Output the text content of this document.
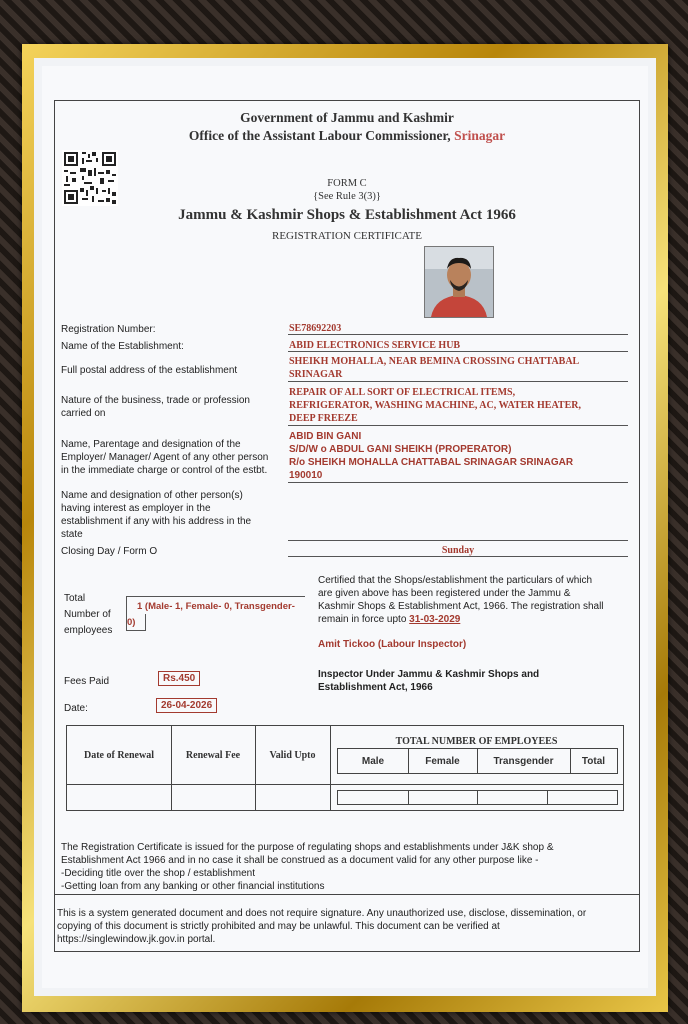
Government of Jammu and Kashmir
Office of the Assistant Labour Commissioner, Srinagar
FORM C
{See Rule 3(3)}
Jammu & Kashmir Shops & Establishment Act 1966
REGISTRATION CERTIFICATE
Registration Number:	SE78692203
Name of the Establishment:	ABID ELECTRONICS SERVICE HUB
Full postal address of the establishment
SHEIKH MOHALLA, NEAR BEMINA CROSSING CHATTABAL
SRINAGAR
Nature of the business, trade or profession
carried on
REPAIR OF ALL SORT OF ELECTRICAL ITEMS,
REFRIGERATOR, WASHING MACHINE, AC, WATER HEATER,
DEEP FREEZE
Name, Parentage and designation of the
Employer/ Manager/ Agent of any other person
in the immediate charge or control of the estbt.
ABID BIN GANI
S/D/W o ABDUL GANI SHEIKH (PROPERATOR)
R/o SHEIKH MOHALLA CHATTABAL SRINAGAR SRINAGAR
190010
Name and designation of other person(s)
having interest as employer in the
establishment if any with his address in the
state
Closing Day / Form O	Sunday
Total
Number of
employees
1 (Male- 1, Female- 0, Transgender-
0)
Certified that the Shops/establishment the particulars of which
are given above has been registered under the Jammu &
Kashmir Shops & Establishment Act, 1966. The registration shall
remain in force upto 31-03-2029
Amit Tickoo (Labour Inspector)
Inspector Under Jammu & Kashmir Shops and
Establishment Act, 1966
Fees Paid	Rs.450
Date:	26-04-2026
Date of Renewal	Renewal Fee	Valid Upto
TOTAL NUMBER OF EMPLOYEES
Male	Female	Transgender	Total
The Registration Certificate is issued for the purpose of regulating shops and establishments under J&K shop &
Establishment Act 1966 and in no case it shall be construed as a document valid for any other purpose like -
-Deciding title over the shop / establishment
-Getting loan from any banking or other financial institutions
This is a system generated document and does not require signature. Any unauthorized use, disclose, dissemination, or
copying of this document is strictly prohibited and may be unlawful. This document can be verified at
https://singlewindow.jk.gov.in portal.
